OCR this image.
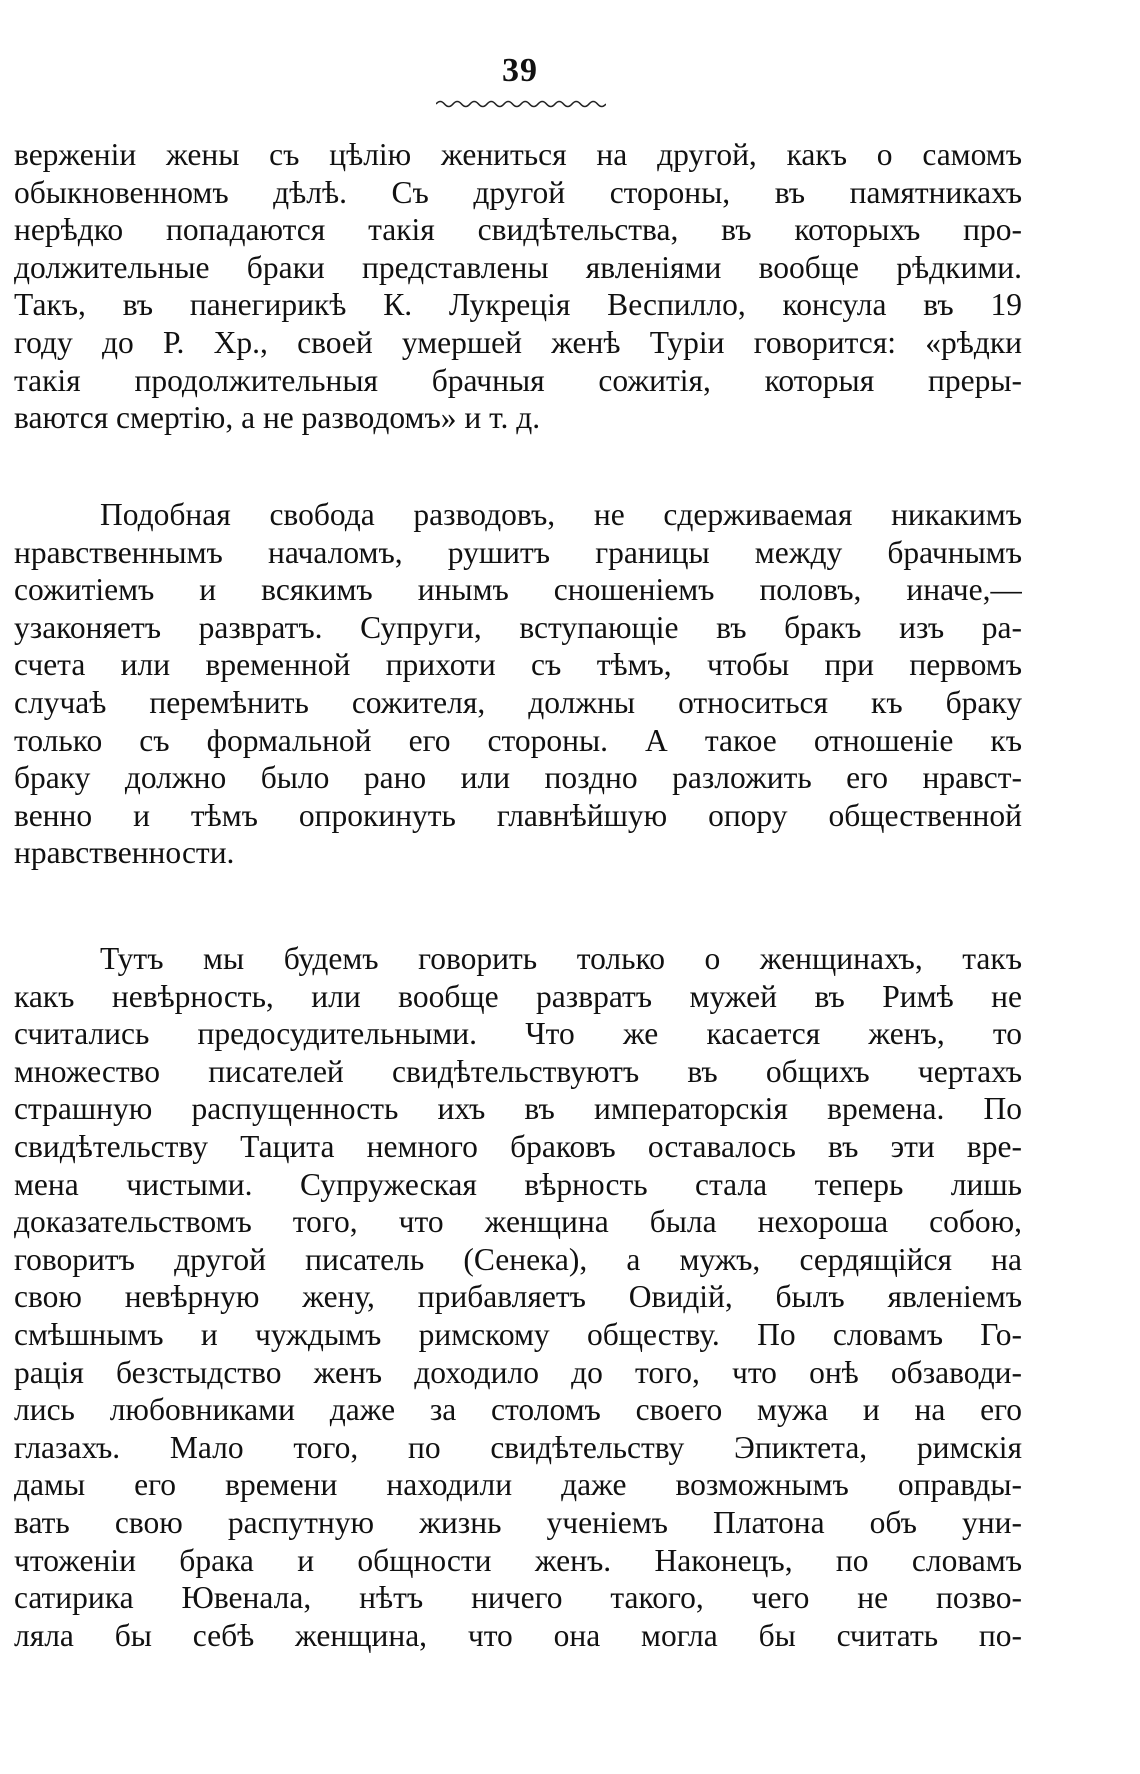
39
верженіи жены съ цѣлію жениться на другой, какъ о самомъ
обыкновенномъ дѣлѣ. Съ другой стороны, въ памятникахъ
нерѣдко попадаются такія свидѣтельства, въ которыхъ про-
должительные браки представлены явленіями вообще рѣдкими.
Такъ, въ панегирикѣ К. Лукреція Веспилло, консула въ 19
году до Р. Хр., своей умершей женѣ Туріи говорится: «рѣдки
такія продолжительныя брачныя сожитія, которыя преры-
ваются смертію, а не разводомъ» и т. д.
Подобная свобода разводовъ, не сдерживаемая никакимъ
нравственнымъ началомъ, рушитъ границы между брачнымъ
сожитіемъ и всякимъ инымъ сношеніемъ половъ, иначе,—
узаконяетъ развратъ. Супруги, вступающіе въ бракъ изъ ра-
счета или временной прихоти съ тѣмъ, чтобы при первомъ
случаѣ перемѣнить сожителя, должны относиться къ браку
только съ формальной его стороны. А такое отношеніе къ
браку должно было рано или поздно разложить его нравст-
венно и тѣмъ опрокинуть главнѣйшую опору общественной
нравственности.
Тутъ мы будемъ говорить только о женщинахъ, такъ
какъ невѣрность, или вообще развратъ мужей въ Римѣ не
считались предосудительными. Что же касается женъ, то
множество писателей свидѣтельствуютъ въ общихъ чертахъ
страшную распущенность ихъ въ императорскія времена. По
свидѣтельству Тацита немного браковъ оставалось въ эти вре-
мена чистыми. Супружеская вѣрность стала теперь лишь
доказательствомъ того, что женщина была нехороша собою,
говоритъ другой писатель (Сенека), а мужъ, сердящійся на
свою невѣрную жену, прибавляетъ Овидій, былъ явленіемъ
смѣшнымъ и чуждымъ римскому обществу. По словамъ Го-
рація безстыдство женъ доходило до того, что онѣ обзаводи-
лись любовниками даже за столомъ своего мужа и на его
глазахъ. Мало того, по свидѣтельству Эпиктета, римскія
дамы его времени находили даже возможнымъ оправды-
вать свою распутную жизнь ученіемъ Платона объ уни-
чтоженіи брака и общности женъ. Наконецъ, по словамъ
сатирика Ювенала, нѣтъ ничего такого, чего не позво-
ляла бы себѣ женщина, что она могла бы считать по-
